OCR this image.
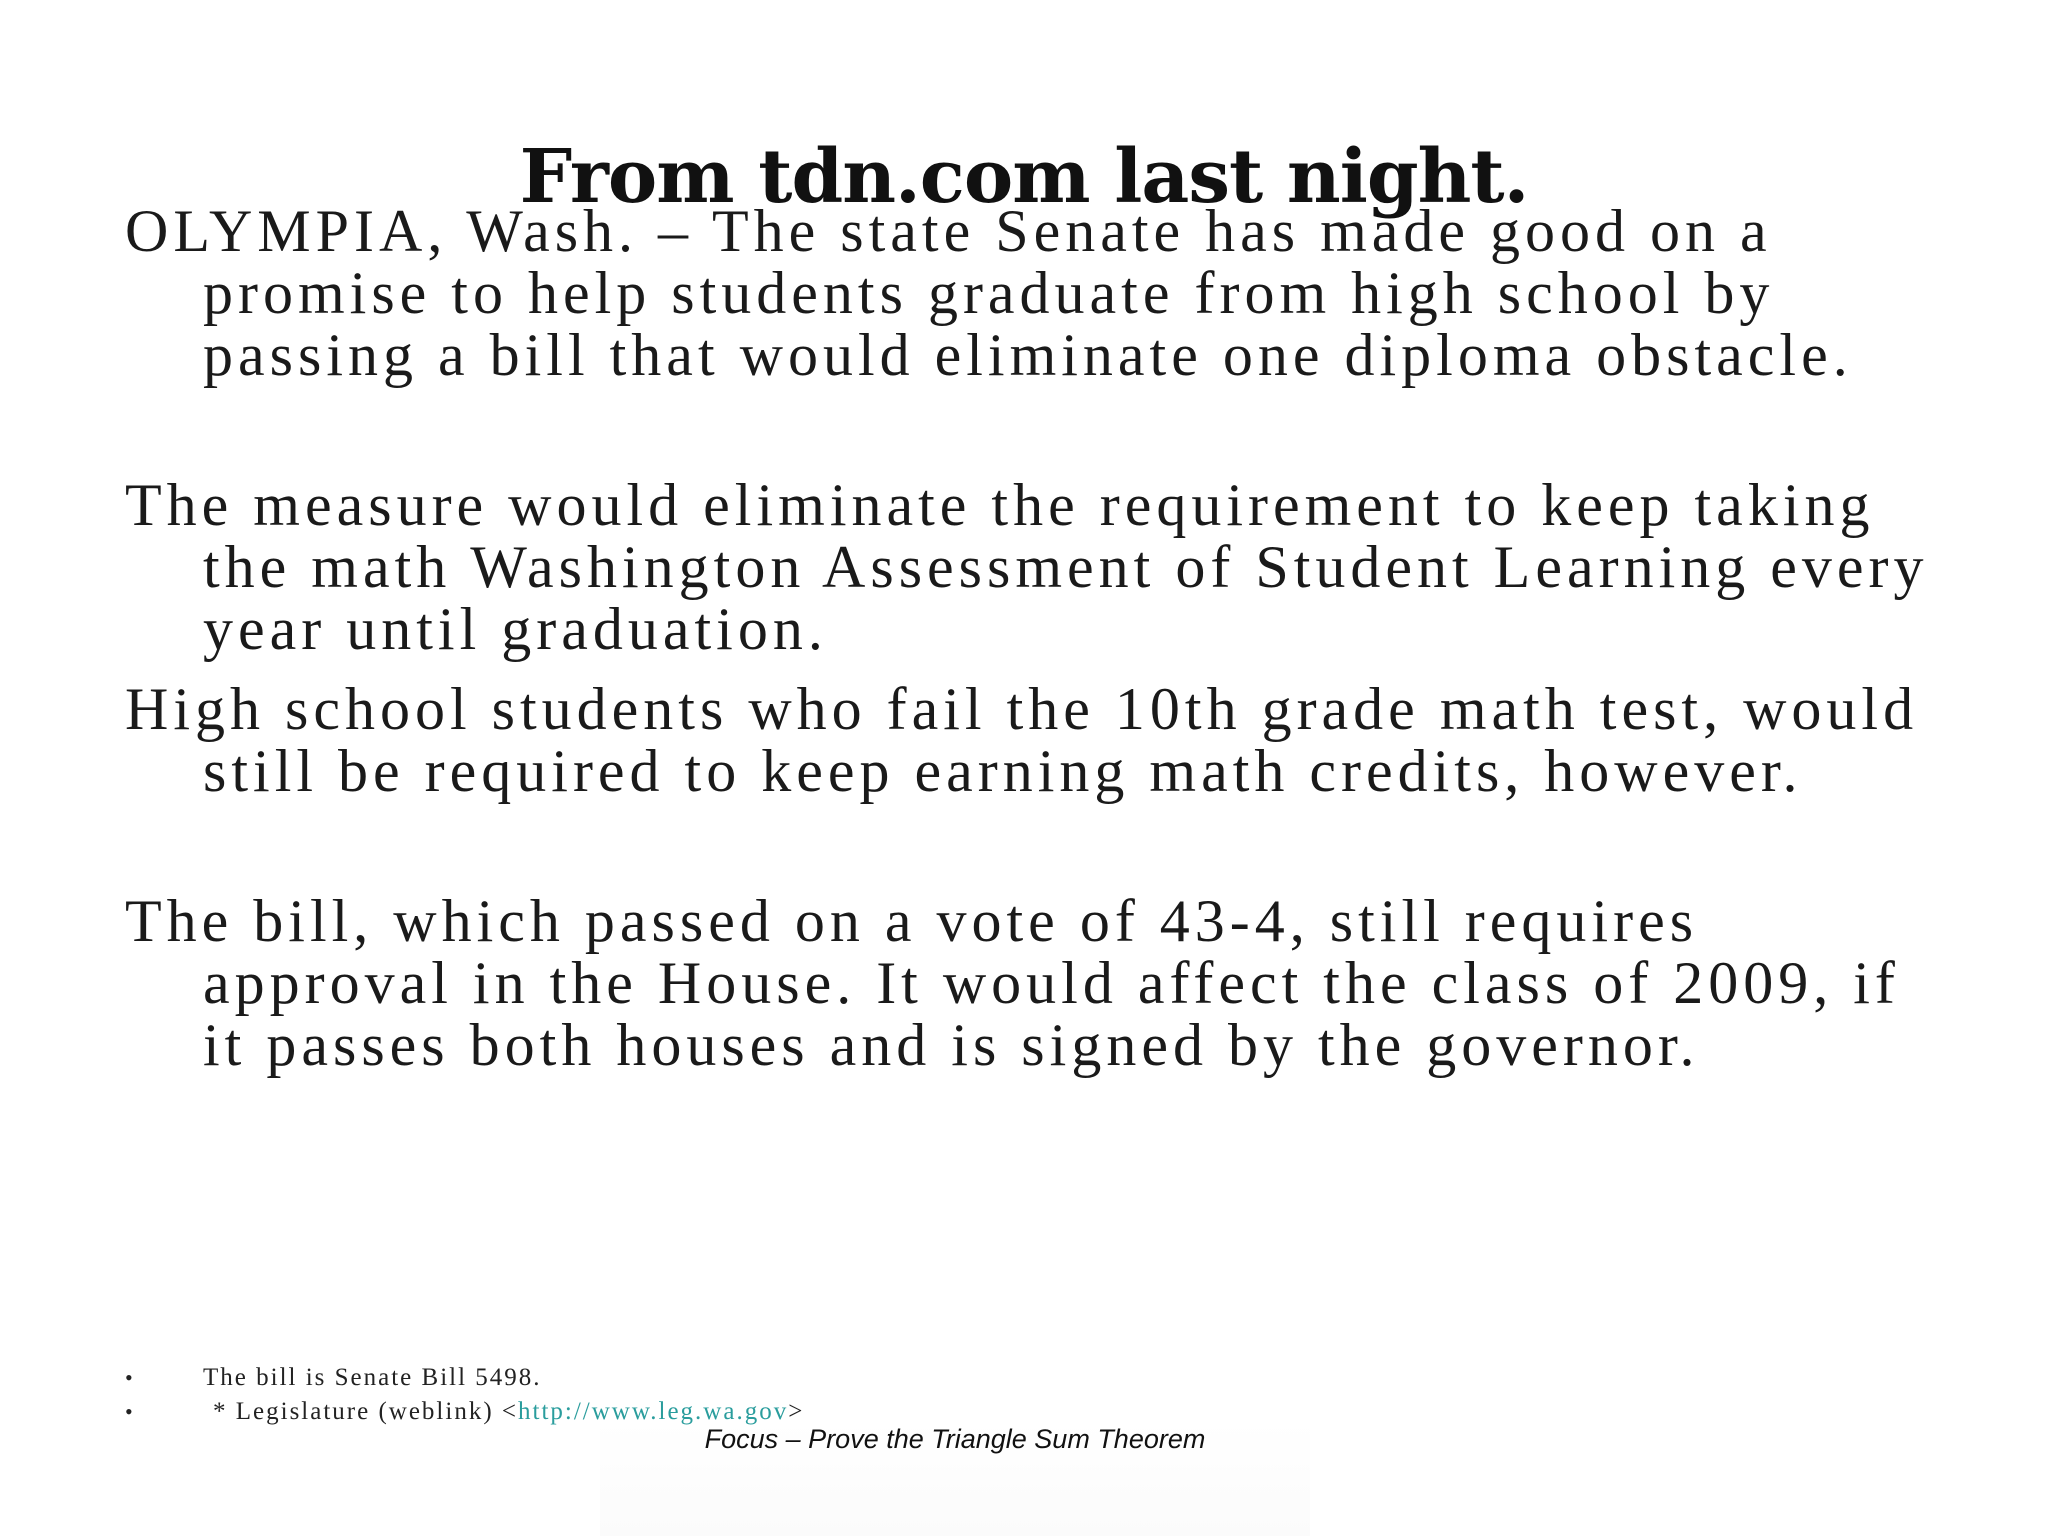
From tdn.com last night.

OLYMPIA, Wash. – The state Senate has made good on a promise to help students graduate from high school by passing a bill that would eliminate one diploma obstacle.

The measure would eliminate the requirement to keep taking the math Washington Assessment of Student Learning every year until graduation.

High school students who fail the 10th grade math test, would still be required to keep earning math credits, however.

The bill, which passed on a vote of 43-4, still requires approval in the House. It would affect the class of 2009, if it passes both houses and is signed by the governor.

•	The bill is Senate Bill 5498.
•	* Legislature (weblink) <http://www.leg.wa.gov>
Focus – Prove the Triangle Sum Theorem
